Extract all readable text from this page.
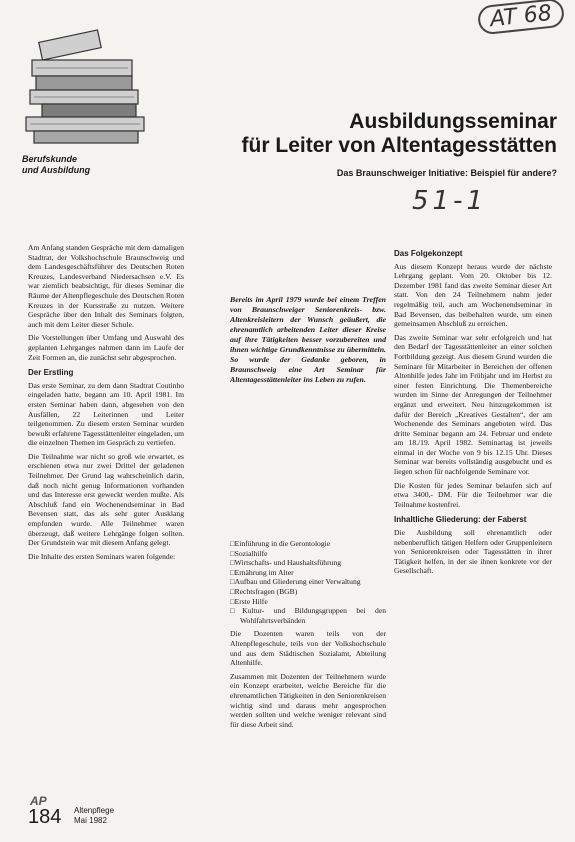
AT 68
Berufskunde
und Ausbildung
Ausbildungsseminar
für Leiter von Altentagesstätten
Das Braunschweiger Initiative: Beispiel für andere?
51-1

Am Anfang standen Gespräche mit dem damaligen Stadtrat, der Volkshochschule Braunschweig und dem Landesgeschäftsführer des Deutschen Roten Kreuzes, Landesverband Niedersachsen e.V. Es war ziemlich beabsichtigt, für dieses Seminar die Räume der Altenpflegeschule des Deutschen Roten Kreuzes in der Kursstraße zu nutzen. Weitere Gespräche über den Inhalt des Seminars folgten, auch mit dem Leiter dieser Schule.

Die Vorstellungen über Umfang und Auswahl des geplanten Lehrganges nahmen dann im Laufe der Zeit Formen an, die zunächst sehr abgesprochen.

Der Erstling

Das erste Seminar, zu dem dann Stadtrat Coutinho eingeladen hatte, begann am 10. April 1981. Im ersten Seminar haben dann, abgesehen von den Ausfällen, 22 Leiterinnen und Leiter teilgenommen. Zu diesem ersten Seminar wurden bewußt erfahrene Tagesstättenleiter eingeladen, um die einzelnen Themen im Gespräch zu vertiefen.

Die Teilnahme war nicht so groß wie erwartet, es erschienen etwa nur zwei Drittel der geladenen Teilnehmer. Der Grund lag wahrscheinlich darin, daß noch nicht genug Informationen vorhanden und das Interesse erst geweckt werden mußte. Als Abschluß fand ein Wochenendseminar in Bad Bevensen statt, das als sehr guter Ausklang empfunden wurde. Alle Teilnehmer waren überzeugt, daß weitere Lehrgänge folgen sollten. Der Grundstein war mit diesem Anfang gelegt.

Die Inhalte des ersten Seminars waren folgende:

Bereits im April 1979 wurde bei einem Treffen von Braunschweiger Seniorenkreis- bzw. Altenkreisleitern der Wunsch geäußert, die ehrenamtlich arbeitenden Leiter dieser Kreise auf ihre Tätigkeiten besser vorzubereiten und ihnen wichtige Grundkenntnisse zu übermitteln. So wurde der Gedanke geboren, in Braunschweig eine Art Seminar für Altentagesstättenleiter ins Leben zu rufen.

□ Einführung in die Gerontologie
□ Sozialhilfe
□ Wirtschafts- und Haushaltsführung
□ Ernährung im Alter
□ Aufbau und Gliederung einer Verwaltung
□ Rechtsfragen (BGB)
□ Erste Hilfe
□ Kultur- und Bildungsgruppen bei den Wohlfahrtsverbänden

Die Dozenten waren teils von der Altenpflegeschule, teils von der Volkshochschule und aus dem Städtischen Sozialamt, Abteilung Altenhilfe.

Zusammen mit Dozenten der Teilnehmern wurde ein Konzept erarbeitet, welche Bereiche für die ehrenamtlichen Tätigkeiten in den Seniorenkreisen wichtig sind und daraus mehr angesprochen werden sollten und welche weniger relevant sind für diese Arbeit sind.

Das Folgekonzept

Aus diesem Konzept heraus wurde der nächste Lehrgang geplant. Vom 20. Oktober bis 12. Dezember 1981 fand das zweite Seminar dieser Art statt. Von den 24 Teilnehmern nahm jeder regelmäßig teil, auch am Wochenendseminar in Bad Bevensen, das beibehalten wurde, um einen gemeinsamen Abschluß zu erreichen.

Das zweite Seminar war sehr erfolgreich und hat den Bedarf der Tagesstättenleiter an einer solchen Fortbildung gezeigt. Aus diesem Grund wurden die Seminare für Mitarbeiter in Bereichen der offenen Altenhilfe jedes Jahr im Frühjahr und im Herbst zu einer festen Einrichtung. Die Themenbereiche wurden im Sinne der Anregungen der Teilnehmer ergänzt und erweitert. Neu hinzugekommen ist dafür der Bereich „Kreatives Gestalten“, der am Wochenende des Seminars angeboten wird. Das dritte Seminar begann am 24. Februar und endete am 18./19. April 1982. Seminartag ist jeweils einmal in der Woche von 9 bis 12.15 Uhr. Dieses Seminar war bereits vollständig ausgebucht und es liegen schon für nachfolgende Seminare vor.

Die Kosten für jedes Seminar belaufen sich auf etwa 3400,- DM. Für die Teilnehmer war die Teilnahme kostenfrei.

Inhaltliche Gliederung: der Faberst

Die Ausbildung soll ehrenamtlich oder nebenberuflich tätigen Helfern oder Gruppenleitern von Seniorenkreisen oder Tagesstätten in ihrer Tätigkeit helfen, in der sie ihnen konkrete vor der Gesellschaft.

AP
184 Altenpflege
Mai 1982
